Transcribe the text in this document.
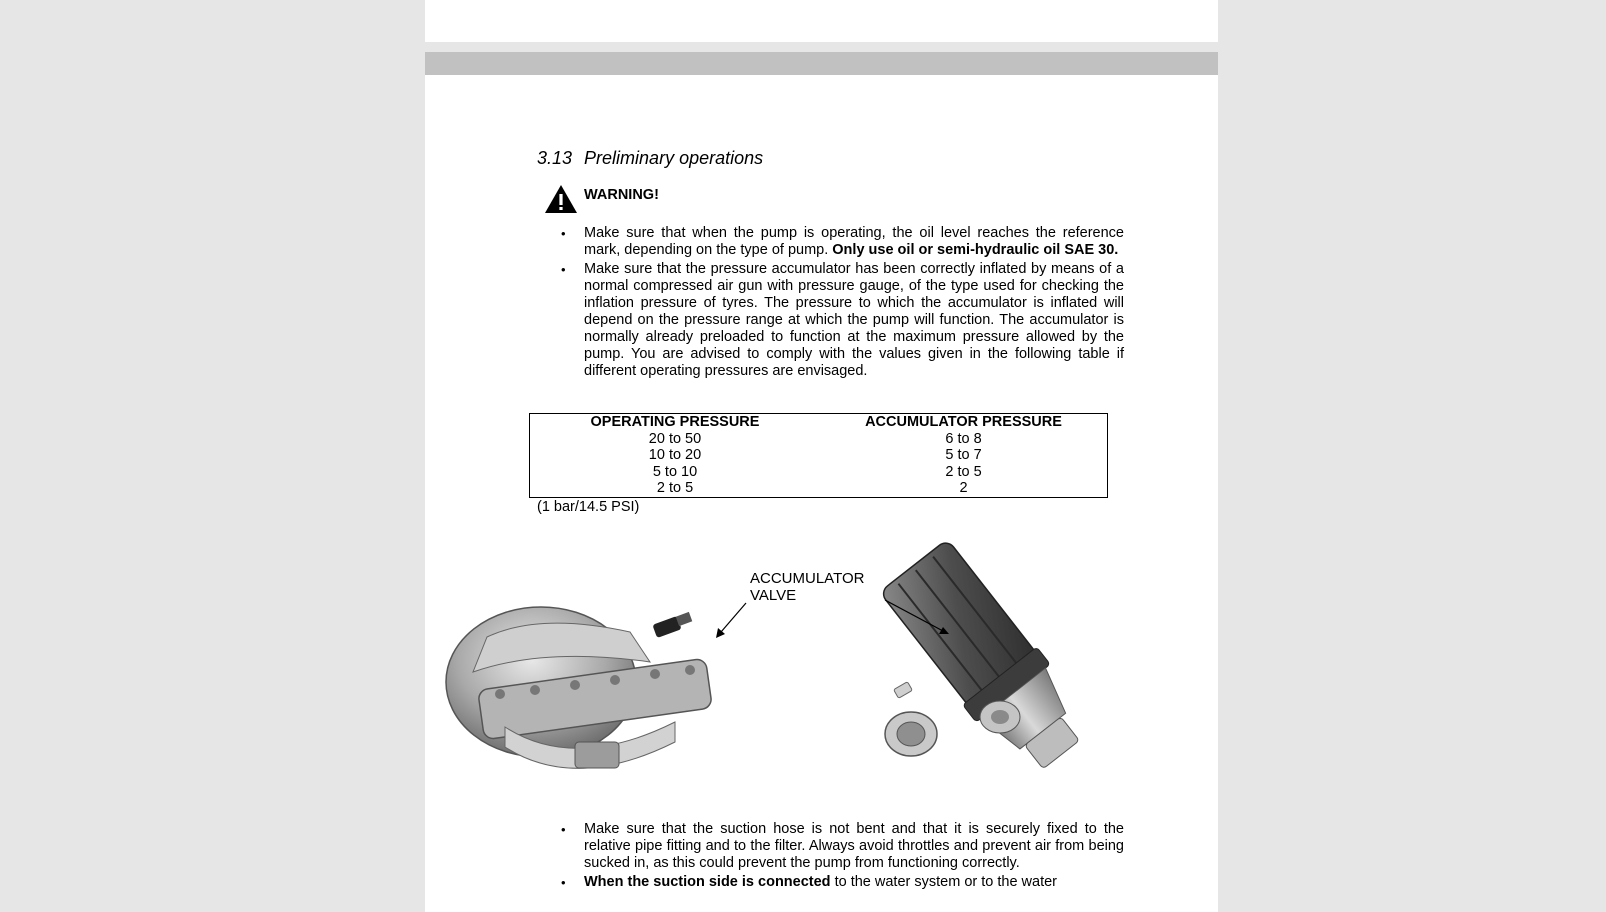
3.13 Preliminary operations
WARNING!
• Make sure that when the pump is operating, the oil level reaches the reference mark, depending on the type of pump. Only use oil or semi-hydraulic oil SAE 30.
• Make sure that the pressure accumulator has been correctly inflated by means of a normal compressed air gun with pressure gauge, of the type used for checking the inflation pressure of tyres. The pressure to which the accumulator is inflated will depend on the pressure range at which the pump will function. The accumulator is normally already preloaded to function at the maximum pressure allowed by the pump. You are advised to comply with the values given in the following table if different operating pressures are envisaged.
OPERATING PRESSURE	ACCUMULATOR PRESSURE
20 to 50	6 to 8
10 to 20	5 to 7
5 to 10	2 to 5
2 to 5	2
(1 bar/14.5 PSI)
ACCUMULATOR
VALVE
• Make sure that the suction hose is not bent and that it is securely fixed to the relative pipe fitting and to the filter. Always avoid throttles and prevent air from being sucked in, as this could prevent the pump from functioning correctly.
• When the suction side is connected to the water system or to the water
